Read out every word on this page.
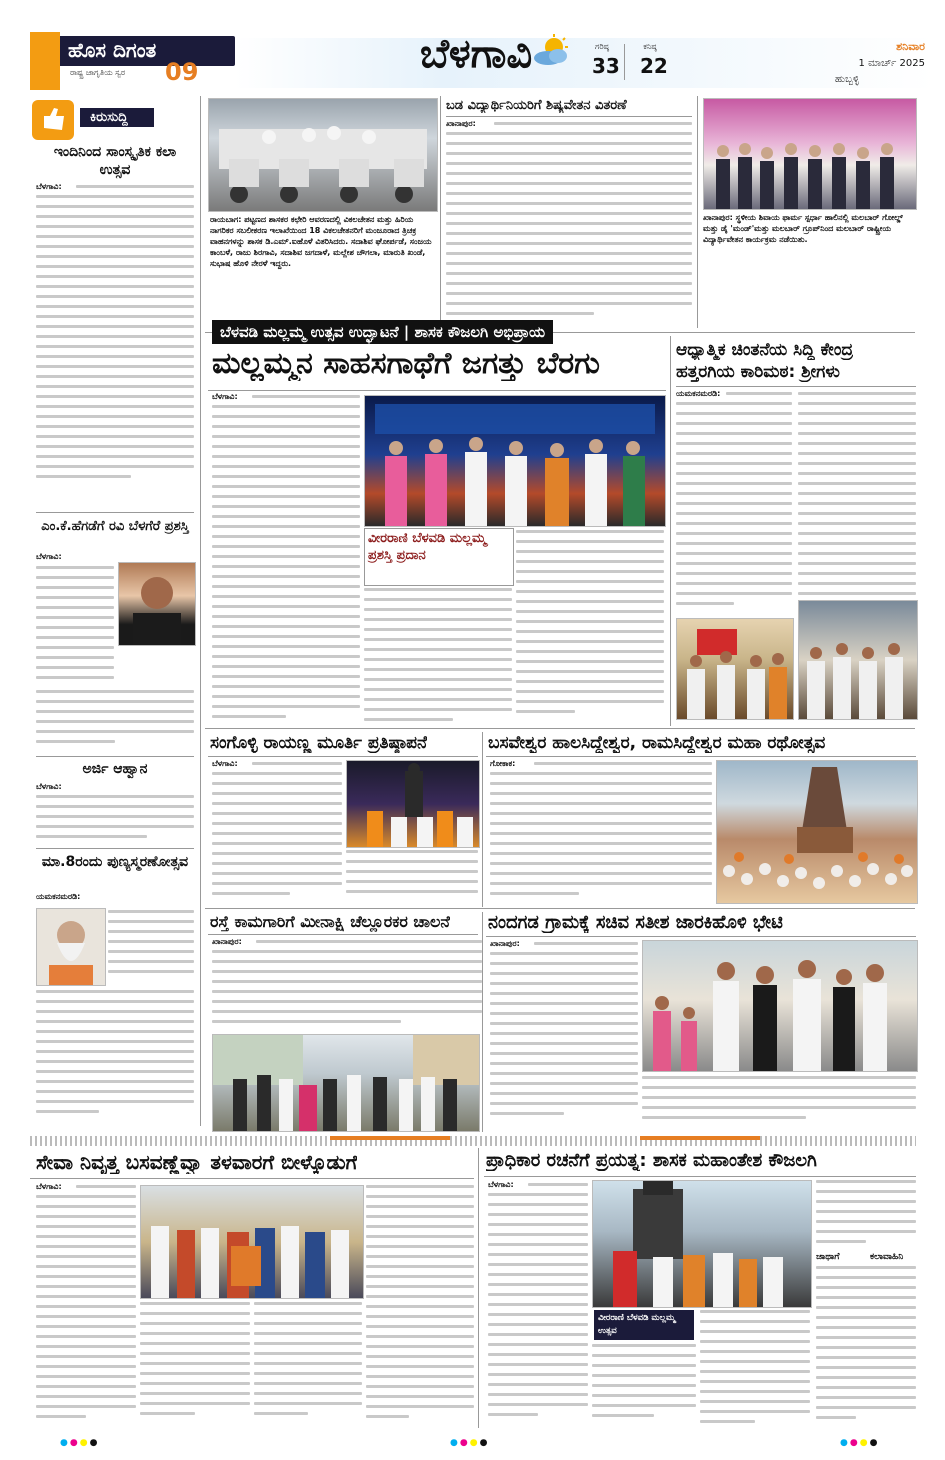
ಹೊಸ ದಿಗಂತ
ರಾಷ್ಟ್ರ ಜಾಗೃತಿಯ ಸ್ವರ 09	ಬೆಳಗಾವಿ	ಗರಿಷ್ಠ
33
ಕನಿಷ್ಠ
22
ಶನಿವಾರ
1 ಮಾರ್ಚ್ 2025
ಹುಬ್ಬಳ್ಳಿ
ಕಿರುಸುದ್ದಿ
ಇಂದಿನಿಂದ ಸಾಂಸ್ಕೃತಿಕ ಕಲಾ ಉತ್ಸವ
ಬೆಳಗಾವಿ:
ಎಂ.ಕೆ.ಹೆಗಡೆಗೆ ರವಿ ಬೆಳಗೆರೆ ಪ್ರಶಸ್ತಿ
ಬೆಳಗಾವಿ:
ಅರ್ಜಿ ಆಹ್ವಾನ
ಬೆಳಗಾವಿ:
ಮಾ.8ರಂದು ಪುಣ್ಯಸ್ಮರಣೋತ್ಸವ
ಯಮಕನಮರಡಿ:
ರಾಯಬಾಗ: ಪಟ್ಟಣದ ಶಾಸಕರ ಕಛೇರಿ ಆವರಣದಲ್ಲಿ ವಿಕಲಚೇತನ ಮತ್ತು ಹಿರಿಯ ನಾಗರಿಕರ ಸಬಲೀಕರಣ ಇಲಾಖೆಯಿಂದ 18 ವಿಕಲಚೇತನರಿಗೆ ಮಂಜೂರಾದ ತ್ರಿಚಕ್ರ ವಾಹನಗಳನ್ನು ಶಾಸಕ ಡಿ.ಎಮ್.ಐಹೊಳೆ ವಿತರಿಸಿದರು. ಸದಾಶಿವ ಘೋರ್ಪಡೆ, ಸಂಜಯ ಕಾಂಬಳೆ, ರಾಜು ಶಿರಗಾವಿ, ಸದಾಶಿವ ಜಗದಾಳೆ, ಮಲ್ಲೇಶ ಚೌಗಲಾ, ಮಾರುತಿ ಖಂಡೆ, ಸುಭಾಷ ಹೊಳಿ ನೇರಳೆ ಇದ್ದರು.
ಬಡ ವಿದ್ಯಾರ್ಥಿನಿಯರಿಗೆ ಶಿಷ್ಯವೇತನ ವಿತರಣೆ
ಖಾನಾಪುರ:
ಖಾನಾಪುರ: ಸ್ಥಳೀಯ ಶಿವಾಯ ಫಾರ್ಮ ಸ್ಪರ್ಧಾ ಹಾಲಿನಲ್ಲಿ ಮಲಬಾರ್ ಗೋಲ್ಡ್ ಮತ್ತು ಡೈ 'ಮಂಡ್'ಮತ್ತು ಮಲಬಾರ್ ಗ್ರೂಪ್‌ನಿಂದ ಮಲಬಾರ್ ರಾಷ್ಟ್ರೀಯ ವಿದ್ಯಾರ್ಥಿವೇತನ ಕಾರ್ಯಕ್ರಮ ನಡೆಯಿತು.
ಬೆಳವಡಿ ಮಲ್ಲಮ್ಮ ಉತ್ಸವ ಉದ್ಘಾಟನೆ | ಶಾಸಕ ಕೌಜಲಗಿ ಅಭಿಪ್ರಾಯ
ಮಲ್ಲಮ್ಮನ ಸಾಹಸಗಾಥೆಗೆ ಜಗತ್ತು ಬೆರಗು
ಬೆಳಗಾವಿ:
ವೀರರಾಣಿ ಬೆಳವಡಿ ಮಲ್ಲಮ್ಮ ಪ್ರಶಸ್ತಿ ಪ್ರದಾನ
ಆಧ್ಯಾತ್ಮಿಕ ಚಿಂತನೆಯ ಸಿದ್ದಿ ಕೇಂದ್ರ
ಹತ್ತರಗಿಯ ಕಾರಿಮಠ: ಶ್ರೀಗಳು
ಯಮಕನಮರಡಿ:
ಸಂಗೊಳ್ಳಿ ರಾಯಣ್ಣ ಮೂರ್ತಿ ಪ್ರತಿಷ್ಠಾಪನೆ
ಬೆಳಗಾವಿ:
ಬಸವೇಶ್ವರ ಹಾಲಸಿದ್ದೇಶ್ವರ, ರಾಮಸಿದ್ದೇಶ್ವರ ಮಹಾ ರಥೋತ್ಸವ
ಗೋಕಾಕ:
ರಸ್ತೆ ಕಾಮಗಾರಿಗೆ ಮೀನಾಕ್ಷಿ ಚೆಲ್ಲೂರಕರ ಚಾಲನೆ
ಖಾನಾಪುರ:
ನಂದಗಡ ಗ್ರಾಮಕ್ಕೆ ಸಚಿವ ಸತೀಶ ಜಾರಕಿಹೊಳಿ ಭೇಟಿ
ಖಾನಾಪುರ:
ಸೇವಾ ನಿವೃತ್ತ ಬಸವಣ್ಣೆವ್ವಾ ತಳವಾರಗೆ ಬೀಳ್ಕೊಡುಗೆ
ಬೆಳಗಾವಿ:
ಪ್ರಾಧಿಕಾರ ರಚನೆಗೆ ಪ್ರಯತ್ನ: ಶಾಸಕ ಮಹಾಂತೇಶ ಕೌಜಲಗಿ
ಬೆಳಗಾವಿ:
ವೀರರಾಣಿ ಬೆಳವಡಿ ಮಲ್ಲಮ್ಮ ಉತ್ಸವ
ಜಾಥಾಗೆ	ಕಲಾವಾಹಿನಿ
●●●●	●●●●	●●●●
